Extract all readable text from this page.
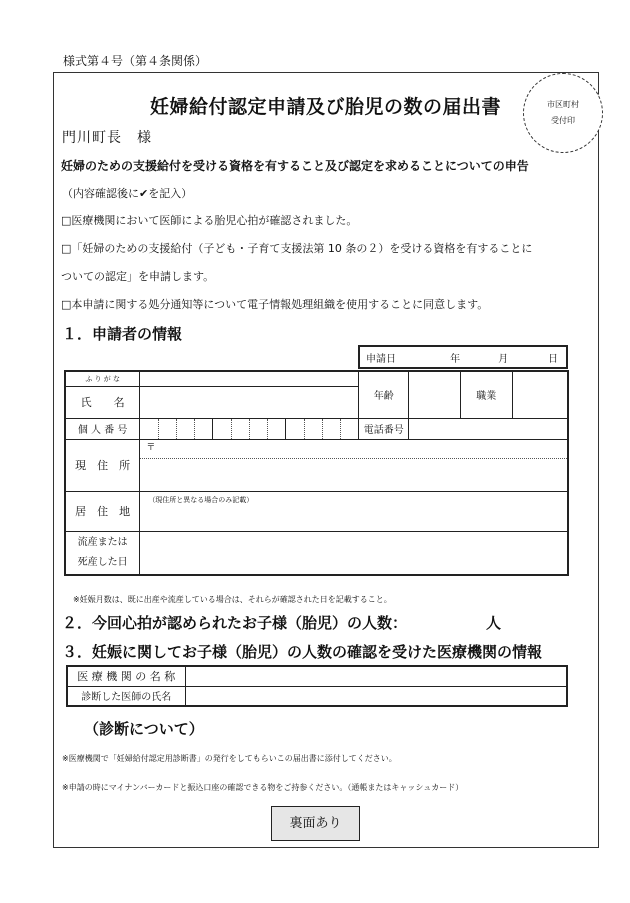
様式第４号（第４条関係）
妊婦給付認定申請及び胎児の数の届出書	市区町村
受付印
門川町長　様
妊婦のための支援給付を受ける資格を有すること及び認定を求めることについての申告
（内容確認後に✔を記入）
□医療機関において医師による胎児心拍が確認されました。
□「妊婦のための支援給付（子ども・子育て支援法第 10 条の２）を受ける資格を有することに
ついての認定」を申請します。
□本申請に関する処分通知等について電子情報処理組織を使用することに同意します。
１．申請者の情報
申請日	年	月	日
ふ り が な		年齢		職業	
氏　　名					
個 人 番 号		電話番号			
現　住　所	〒				

居　住　地	（現住所と異なる場合のみ記載）				

流産または
死産した日					

※妊娠月数は、既に出産や流産している場合は、それらが確認された日を記載すること。
２．今回心拍が認められたお子様（胎児）の人数：	人
３．妊娠に関してお子様（胎児）の人数の確認を受けた医療機関の情報
医 療 機 関 の 名 称	
診断した医師の氏名	
（診断について）
※医療機関で「妊婦給付認定用診断書」の発行をしてもらいこの届出書に添付してください。
※申請の時にマイナンバーカードと振込口座の確認できる物をご持参ください。（通帳またはキャッシュカード）
裏面あり
